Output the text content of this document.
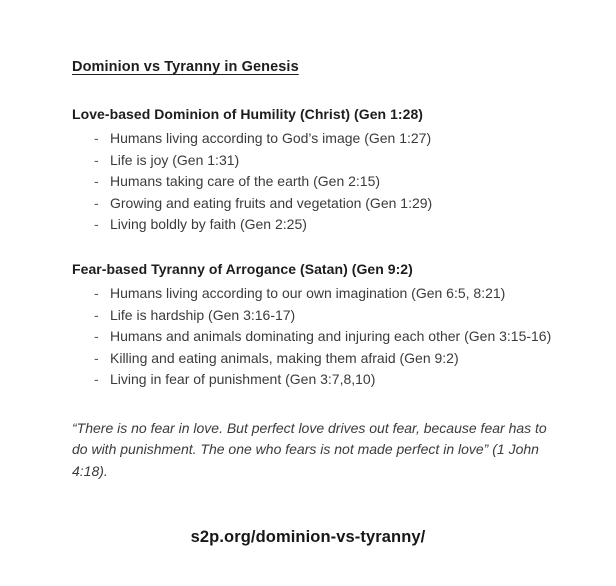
Dominion vs Tyranny in Genesis
Love-based Dominion of Humility (Christ) (Gen 1:28)
- Humans living according to God’s image (Gen 1:27)
- Life is joy (Gen 1:31)
- Humans taking care of the earth (Gen 2:15)
- Growing and eating fruits and vegetation (Gen 1:29)
- Living boldly by faith (Gen 2:25)
Fear-based Tyranny of Arrogance (Satan) (Gen 9:2)
- Humans living according to our own imagination (Gen 6:5, 8:21)
- Life is hardship (Gen 3:16-17)
- Humans and animals dominating and injuring each other (Gen 3:15-16)
- Killing and eating animals, making them afraid (Gen 9:2)
- Living in fear of punishment (Gen 3:7,8,10)

“There is no fear in love. But perfect love drives out fear, because fear has to do with punishment. The one who fears is not made perfect in love” (1 John 4:18).

s2p.org/dominion-vs-tyranny/
